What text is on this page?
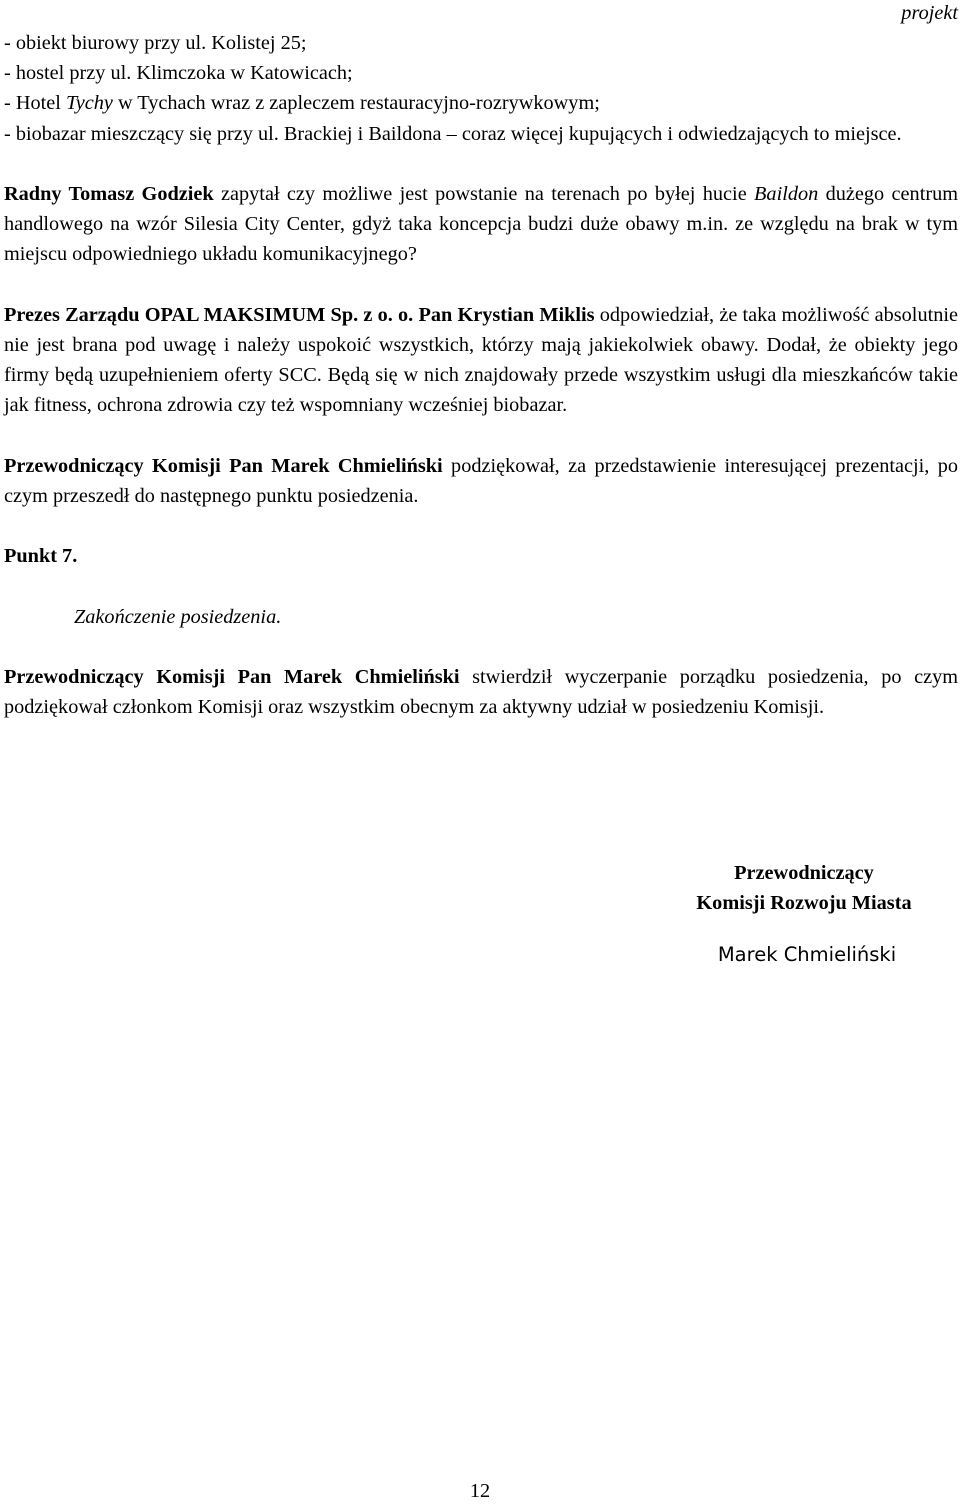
projekt
- obiekt biurowy przy ul. Kolistej 25;
- hostel przy ul. Klimczoka w Katowicach;
- Hotel Tychy w Tychach wraz z zapleczem restauracyjno-rozrywkowym;
- biobazar mieszczący się przy ul. Brackiej i Baildona – coraz więcej kupujących i odwiedzających to miejsce.

Radny Tomasz Godziek zapytał czy możliwe jest powstanie na terenach po byłej hucie Baildon dużego centrum handlowego na wzór Silesia City Center, gdyż taka koncepcja budzi duże obawy m.in. ze względu na brak w tym miejscu odpowiedniego układu komunikacyjnego?

Prezes Zarządu OPAL MAKSIMUM Sp. z o. o. Pan Krystian Miklis odpowiedział, że taka możliwość absolutnie nie jest brana pod uwagę i należy uspokoić wszystkich, którzy mają jakiekolwiek obawy. Dodał, że obiekty jego firmy będą uzupełnieniem oferty SCC. Będą się w nich znajdowały przede wszystkim usługi dla mieszkańców takie jak fitness, ochrona zdrowia czy też wspomniany wcześniej biobazar.

Przewodniczący Komisji Pan Marek Chmieliński podziękował, za przedstawienie interesującej prezentacji, po czym przeszedł do następnego punktu posiedzenia.

Punkt 7.
Zakończenie posiedzenia.

Przewodniczący Komisji Pan Marek Chmieliński stwierdził wyczerpanie porządku posiedzenia, po czym podziękował członkom Komisji oraz wszystkim obecnym za aktywny udział w posiedzeniu Komisji.

Przewodniczący
Komisji Rozwoju Miasta
Marek Chmieliński
12
